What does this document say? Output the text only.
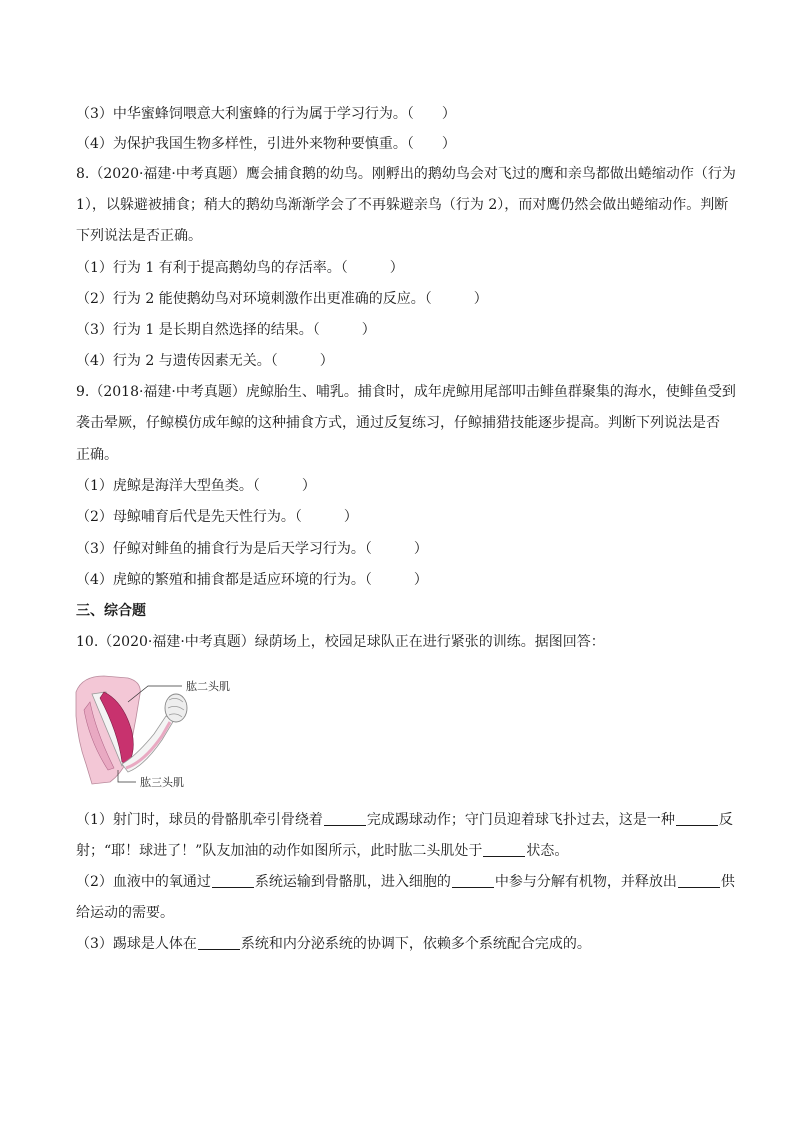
（3）中华蜜蜂饲喂意大利蜜蜂的行为属于学习行为。（　　）
（4）为保护我国生物多样性，引进外来物种要慎重。（　　）
8.（2020·福建·中考真题）鹰会捕食鹅的幼鸟。刚孵出的鹅幼鸟会对飞过的鹰和亲鸟都做出蜷缩动作（行为
1），以躲避被捕食；稍大的鹅幼鸟渐渐学会了不再躲避亲鸟（行为 2），而对鹰仍然会做出蜷缩动作。判断
下列说法是否正确。
（1）行为 1 有利于提高鹅幼鸟的存活率。（　　　）
（2）行为 2 能使鹅幼鸟对环境刺激作出更准确的反应。（　　　）
（3）行为 1 是长期自然选择的结果。（　　　）
（4）行为 2 与遗传因素无关。（　　　）
9.（2018·福建·中考真题）虎鲸胎生、哺乳。捕食时，成年虎鲸用尾部叩击鲱鱼群聚集的海水，使鲱鱼受到
袭击晕厥，仔鲸模仿成年鲸的这种捕食方式，通过反复练习，仔鲸捕猎技能逐步提高。判断下列说法是否
正确。
（1）虎鲸是海洋大型鱼类。（　　　）
（2）母鲸哺育后代是先天性行为。（　　　）
（3）仔鲸对鲱鱼的捕食行为是后天学习行为。（　　　）
（4）虎鲸的繁殖和捕食都是适应环境的行为。（　　　）
三、综合题
10.（2020·福建·中考真题）绿荫场上，校园足球队正在进行紧张的训练。据图回答：
肱二头肌
肱三头肌
（1）射门时，球员的骨骼肌牵引骨绕着	完成踢球动作；守门员迎着球飞扑过去，这是一种	反
射；“耶！球进了！”队友加油的动作如图所示，此时肱二头肌处于	状态。
（2）血液中的氧通过	系统运输到骨骼肌，进入细胞的	中参与分解有机物，并释放出	供
给运动的需要。
（3）踢球是人体在	系统和内分泌系统的协调下，依赖多个系统配合完成的。
